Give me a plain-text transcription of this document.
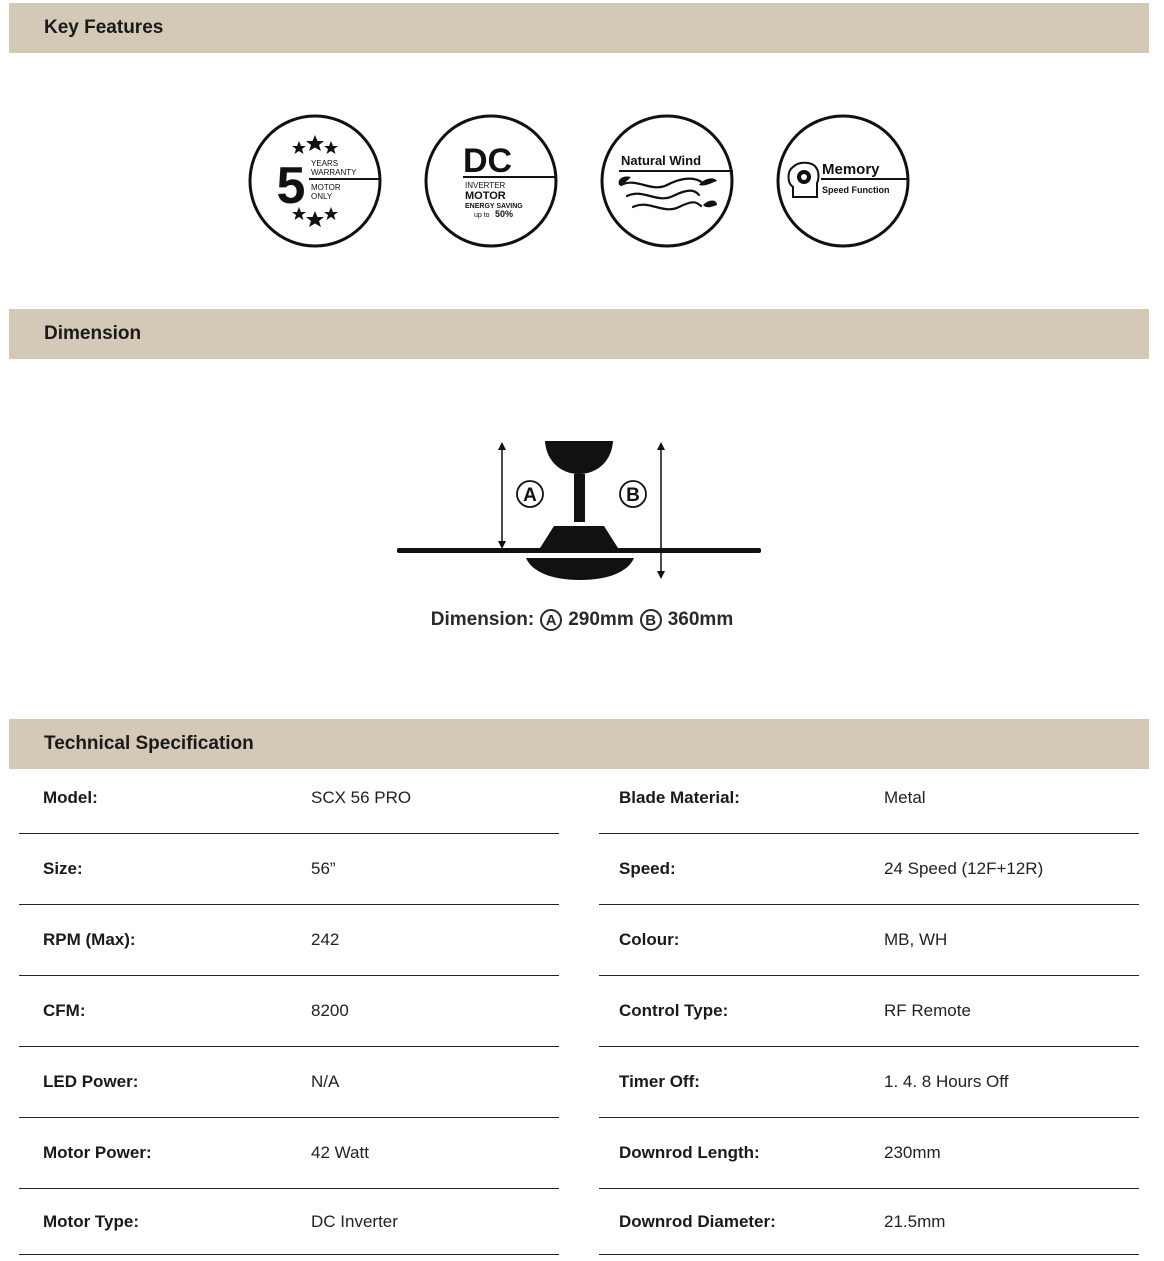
Key Features
5 YEARS
WARRANTY
MOTOR
ONLY
DC
INVERTER
MOTOR
ENERGY SAVING
up to 50%
Natural Wind
Memory
Speed Function
Dimension
A	B
Dimension: A 290mm B 360mm
Technical Specification
Model:	SCX 56 PRO
Size:	56”
RPM (Max):	242
CFM:	8200
LED Power:	N/A
Motor Power:	42 Watt
Motor Type:	DC Inverter
Blade Material:	Metal
Speed:	24 Speed (12F+12R)
Colour:	MB, WH
Control Type:	RF Remote
Timer Off:	1. 4. 8 Hours Off
Downrod Length:	230mm
Downrod Diameter:	21.5mm
